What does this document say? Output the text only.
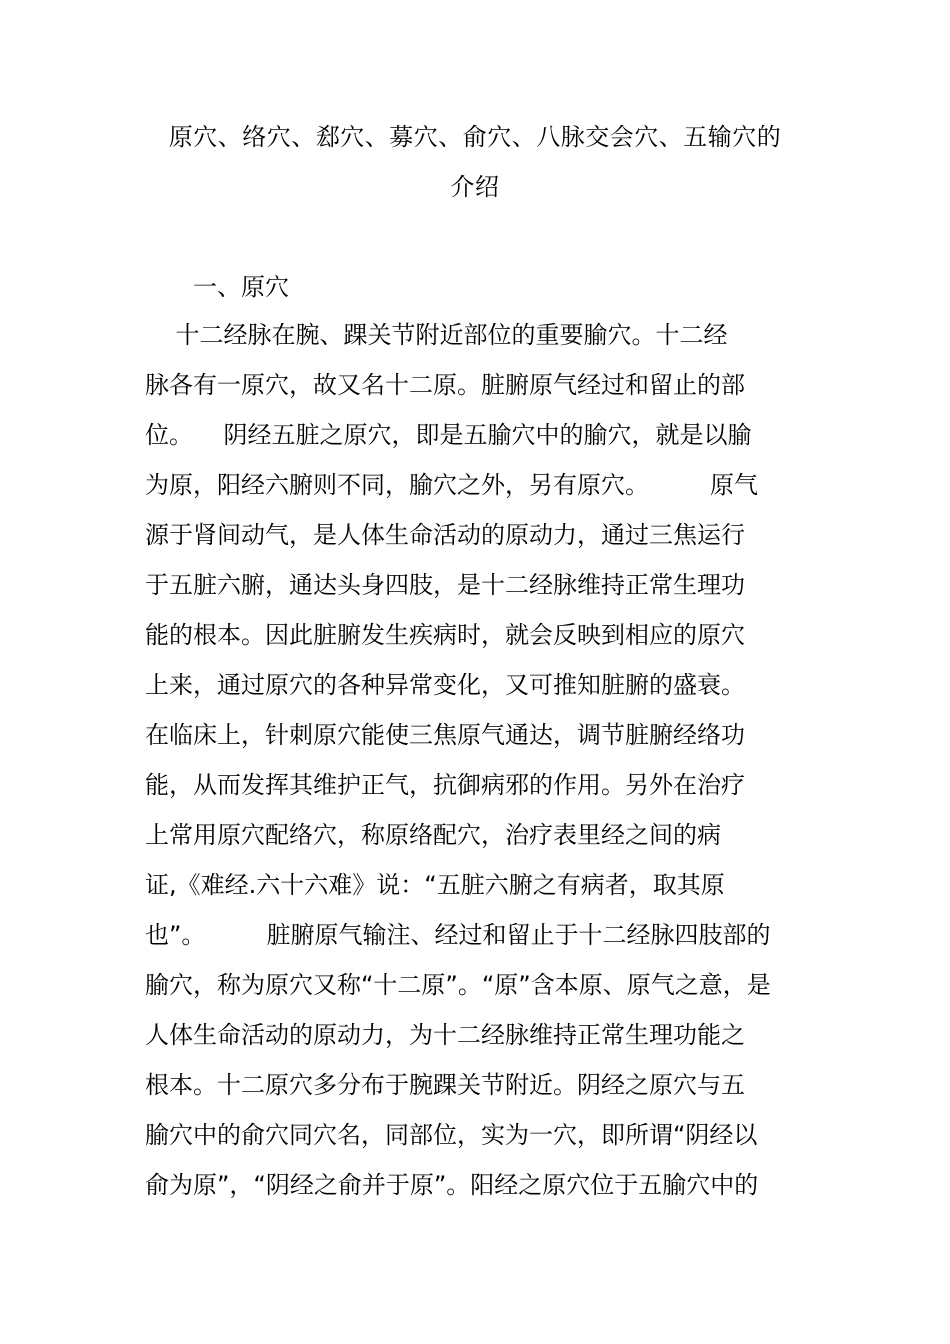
原穴、络穴、郄穴、募穴、俞穴、八脉交会穴、五输穴的
介绍
一、原穴
十二经脉在腕、踝关节附近部位的重要腧穴。十二经
脉各有一原穴，故又名十二原。脏腑原气经过和留止的部
位。    阴经五脏之原穴，即是五腧穴中的腧穴，就是以腧
为原，阳经六腑则不同，腧穴之外，另有原穴。        原气
源于肾间动气，是人体生命活动的原动力，通过三焦运行
于五脏六腑，通达头身四肢，是十二经脉维持正常生理功
能的根本。因此脏腑发生疾病时，就会反映到相应的原穴
上来，通过原穴的各种异常变化，又可推知脏腑的盛衰。
在临床上，针刺原穴能使三焦原气通达，调节脏腑经络功
能，从而发挥其维护正气，抗御病邪的作用。另外在治疗
上常用原穴配络穴，称原络配穴，治疗表里经之间的病
证,《难经.六十六难》说：“五脏六腑之有病者，取其原
也”。        脏腑原气输注、经过和留止于十二经脉四肢部的
腧穴，称为原穴又称“十二原”。“原”含本原、原气之意，是
人体生命活动的原动力，为十二经脉维持正常生理功能之
根本。十二原穴多分布于腕踝关节附近。阴经之原穴与五
腧穴中的俞穴同穴名，同部位，实为一穴，即所谓“阴经以
俞为原”，“阴经之俞并于原”。阳经之原穴位于五腧穴中的
